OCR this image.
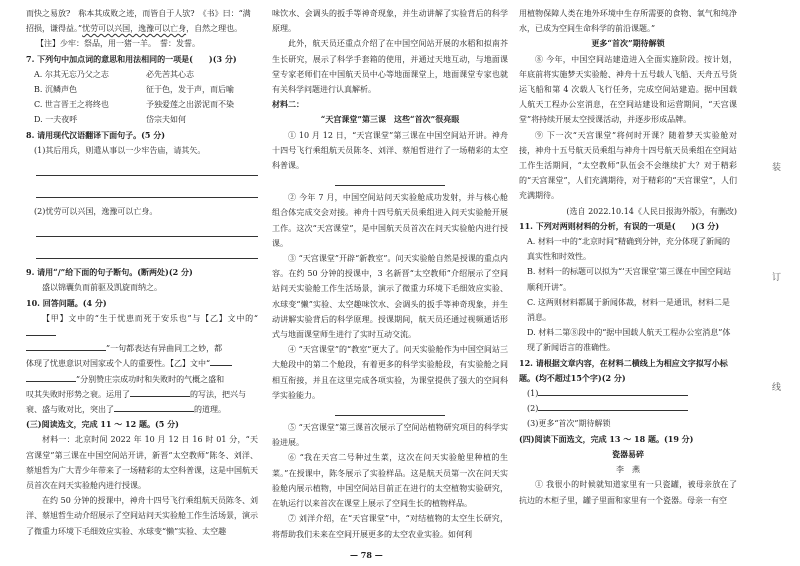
而快之易放?　称本其成败之迹，而皆自于人欤?　《书》曰：“满

招损，谦得益。”忧劳可以兴国，逸豫可以亡身，自然之理也。

【注】少牢：祭品，用一猪一羊。　誓：发誓。

7. 下列句中加点词的意思和用法相同的一项是(　　)(3 分)

A. 尔其无忘乃父之志	必先苦其心志
B. 沉鳞声色	征于色，发于声，而后喻
C. 世言晋王之将终也	予独爱莲之出淤泥而不染
D. 一夫夜呼	岱宗夫如何

8. 请用现代汉语翻译下面句子。(5 分)

(1)其后用兵，则遣从事以一少牢告庙，请其矢。

(2)忧劳可以兴国，逸豫可以亡身。

9. 请用“/”给下面的句子断句。(断两处)(2 分)

盛以锦囊负而前驱及凯旋而纳之。

10. 回答问题。(4 分)

【甲】文中的“生于忧患而死于安乐也”与【乙】文中的“

”一句都表达有异曲同工之妙，都

体现了忧患意识对国家或个人的重要性。【乙】文中“

”分别赞庄宗成功时和失败时的气概之盛和

叹其失败时形势之衰。运用了	的写法，把兴与

衰、盛与败对比，突出了	的道理。

(三)阅读选文，完成 11 ～ 12 题。(5 分)

材料一：北京时间 2022 年 10 月 12 日 16 时 01 分，“天宫课堂”第三课在中国空间站开讲，新晋“太空教师”陈冬、刘洋、蔡旭哲为广大青少年带来了一场精彩的太空科普课，这是中国航天员首次在问天实验舱内进行授课。

在约 50 分钟的授课中，神舟十四号飞行乘组航天员陈冬、刘洋、蔡旭哲生动介绍展示了空间站问天实验舱工作生活场景，演示了微重力环境下毛细效应实验、水球变“懒”实验、太空趣

味饮水、会调头的扳手等神奇现象，并生动讲解了实验背后的科学原理。

此外，航天员还重点介绍了在中国空间站开展的水稻和拟南芥生长研究，展示了科学手套箱的使用，并通过天地互动，与地面课堂专家老师们在中国航天员中心等地面课堂上，地面课堂专家也就有关科学问题进行认真解析。

材料二：

“天宫课堂”第三课　这些“首次”很亮眼

① 10 月 12 日，“天宫课堂”第三课在中国空间站开讲。神舟十四号飞行乘组航天员陈冬、刘洋、蔡旭哲进行了一场精彩的太空科普课。

② 今年 7 月，中国空间站问天实验舱成功发射，并与核心舱组合体完成交会对接。神舟十四号航天员乘组进入问天实验舱开展工作。这次“天宫课堂”，是中国航天员首次在问天实验舱内进行授课。

③ “天宫课堂”开辟“新教室”。问天实验舱自然是授课的重点内容。在约 50 分钟的授课中，3 名新晋“太空教师”介绍展示了空间站问天实验舱工作生活场景，演示了微重力环境下毛细效应实验、水球变“懒”实验、太空趣味饮水、会调头的扳手等神奇现象，并生动讲解实验背后的科学原理。授课期间，航天员还通过视频通话形式与地面课堂师生进行了实时互动交流。

④ “天宫课堂”的“教室”更大了。问天实验舱作为中国空间站三大舱段中的第二个舱段，有着更多的科学实验舱段，有实验舱之间相互衔接，并且在这里完成各项实验，为课堂提供了强大的空间科学实验能力。

⑤ “天宫课堂”第三课首次展示了空间站植物研究项目的科学实验进展。

⑥ “我在天宫二号种过生菜，这次在问天实验舱里种植的生菜。”在授课中，陈冬展示了实验样品。这是航天员第一次在问天实验舱内展示植物，中国空间站目前正在进行的太空植物实验研究，在轨运行以来首次在课堂上展示了空间生长的植物样品。

⑦ 刘洋介绍，在“天宫课堂”中，“对结植物的太空生长研究，将帮助我们未来在空间开展更多的太空农业实验。如何利

用植物保障人类在地外环境中生存所需要的食物、氧气和纯净水，已成为空间生命科学的前沿课题。”

更多“首次”期待解锁

⑧ 今年，中国空间站建造进入全面实施阶段。按计划，年底前将实施梦天实验舱、神舟十五号载人飞船、天舟五号货运飞船和第 4 次载人飞行任务，完成空间站建造。据中国载人航天工程办公室消息，在空间站建设和运营期间，“天宫课堂”将持续开展太空授课活动，并逐步形成品牌。

⑨ 下一次“天宫课堂”将何时开课？随着梦天实验舱对接，神舟十五号航天员乘组与神舟十四号航天员乘组在空间站工作生活期间，“太空教师”队伍会不会继续扩大？对于精彩的“天宫课堂”，人们充满期待，对于精彩的“天宫课堂”，人们充满期待。

(选自 2022.10.14《人民日报海外版》，有删改)

11. 下列对两则材料的分析，有误的一项是(　　)(3 分)

A. 材料一中的“北京时间”精确到分钟，充分体现了新闻的真实性和时效性。

B. 材料一的标题可以拟为“‘天宫课堂’第三课在中国空间站顺利开讲”。

C. 这两则材料都属于新闻体裁，材料一是通讯，材料二是消息。

D. 材料二第⑧段中的“据中国载人航天工程办公室消息”体现了新闻语言的准确性。

12. 请根据文章内容，在材料二横线上为相应文字拟写小标题。(均不超过15个字)(2 分)

(1)

(2)

(3)更多“首次”期待解锁

(四)阅读下面选文，完成 13 ～ 18 题。(19 分)

瓷器易碎

李　燕

① 我很小的时候就知道家里有一只瓷罐，被母亲放在了抗边的木柜子里，罐子里面和家里有一个瓷器。母亲一有空

— 78 —
装
订
线
